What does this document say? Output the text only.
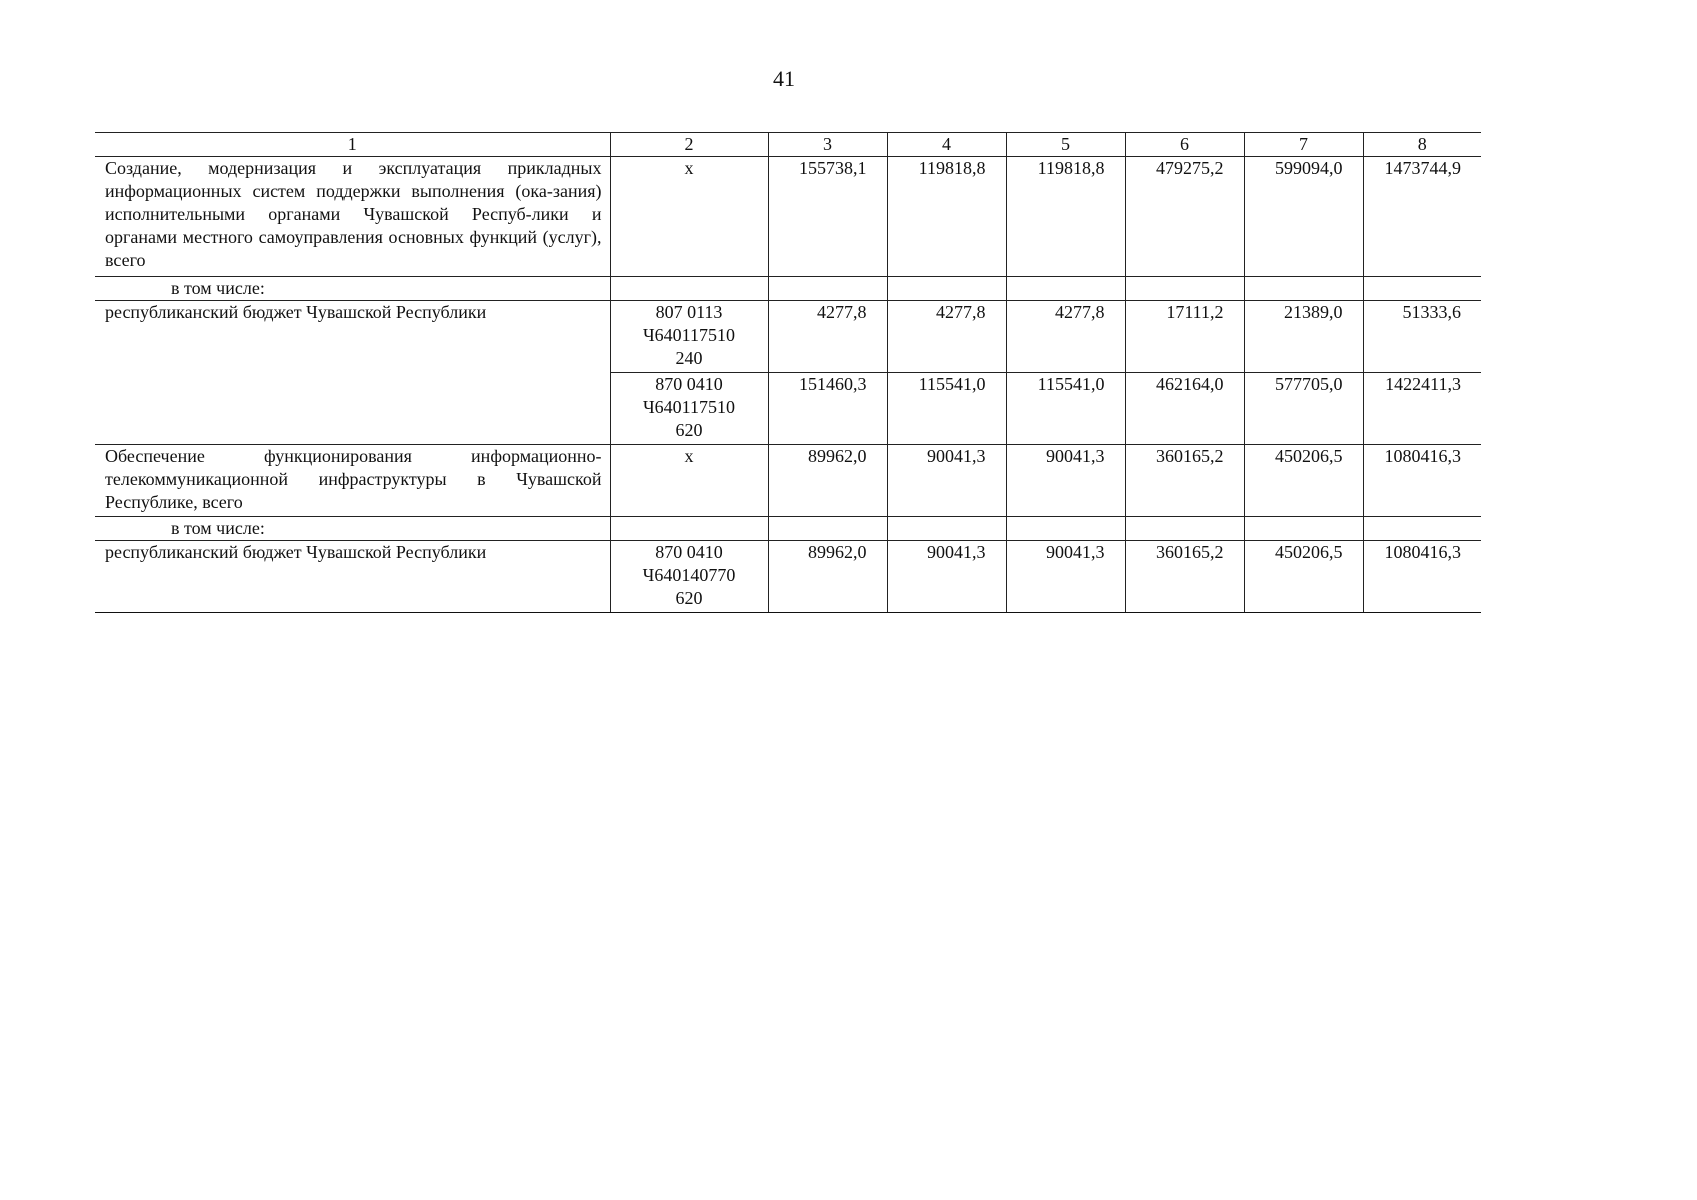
41
1	2	3	4	5	6	7	8
Создание, модернизация и эксплуатация прикладных информационных систем поддержки выполнения (ока-зания) исполнительными органами Чувашской Респуб-лики и органами местного самоуправления основных функций (услуг), всего	х	155738,1	119818,8	119818,8	479275,2	599094,0	1473744,9
в том числе:							
республиканский бюджет Чувашской Республики	807 0113
Ч640117510
240	4277,8	4277,8	4277,8	17111,2	21389,0	51333,6

	870 0410
Ч640117510
620	151460,3	115541,0	115541,0	462164,0	577705,0	1422411,3
Обеспечение функционирования информационно-телекоммуникационной инфраструктуры в Чувашской Республике, всего	х	89962,0	90041,3	90041,3	360165,2	450206,5	1080416,3
в том числе:							
республиканский бюджет Чувашской Республики	870 0410
Ч640140770
620	89962,0	90041,3	90041,3	360165,2	450206,5	1080416,3
